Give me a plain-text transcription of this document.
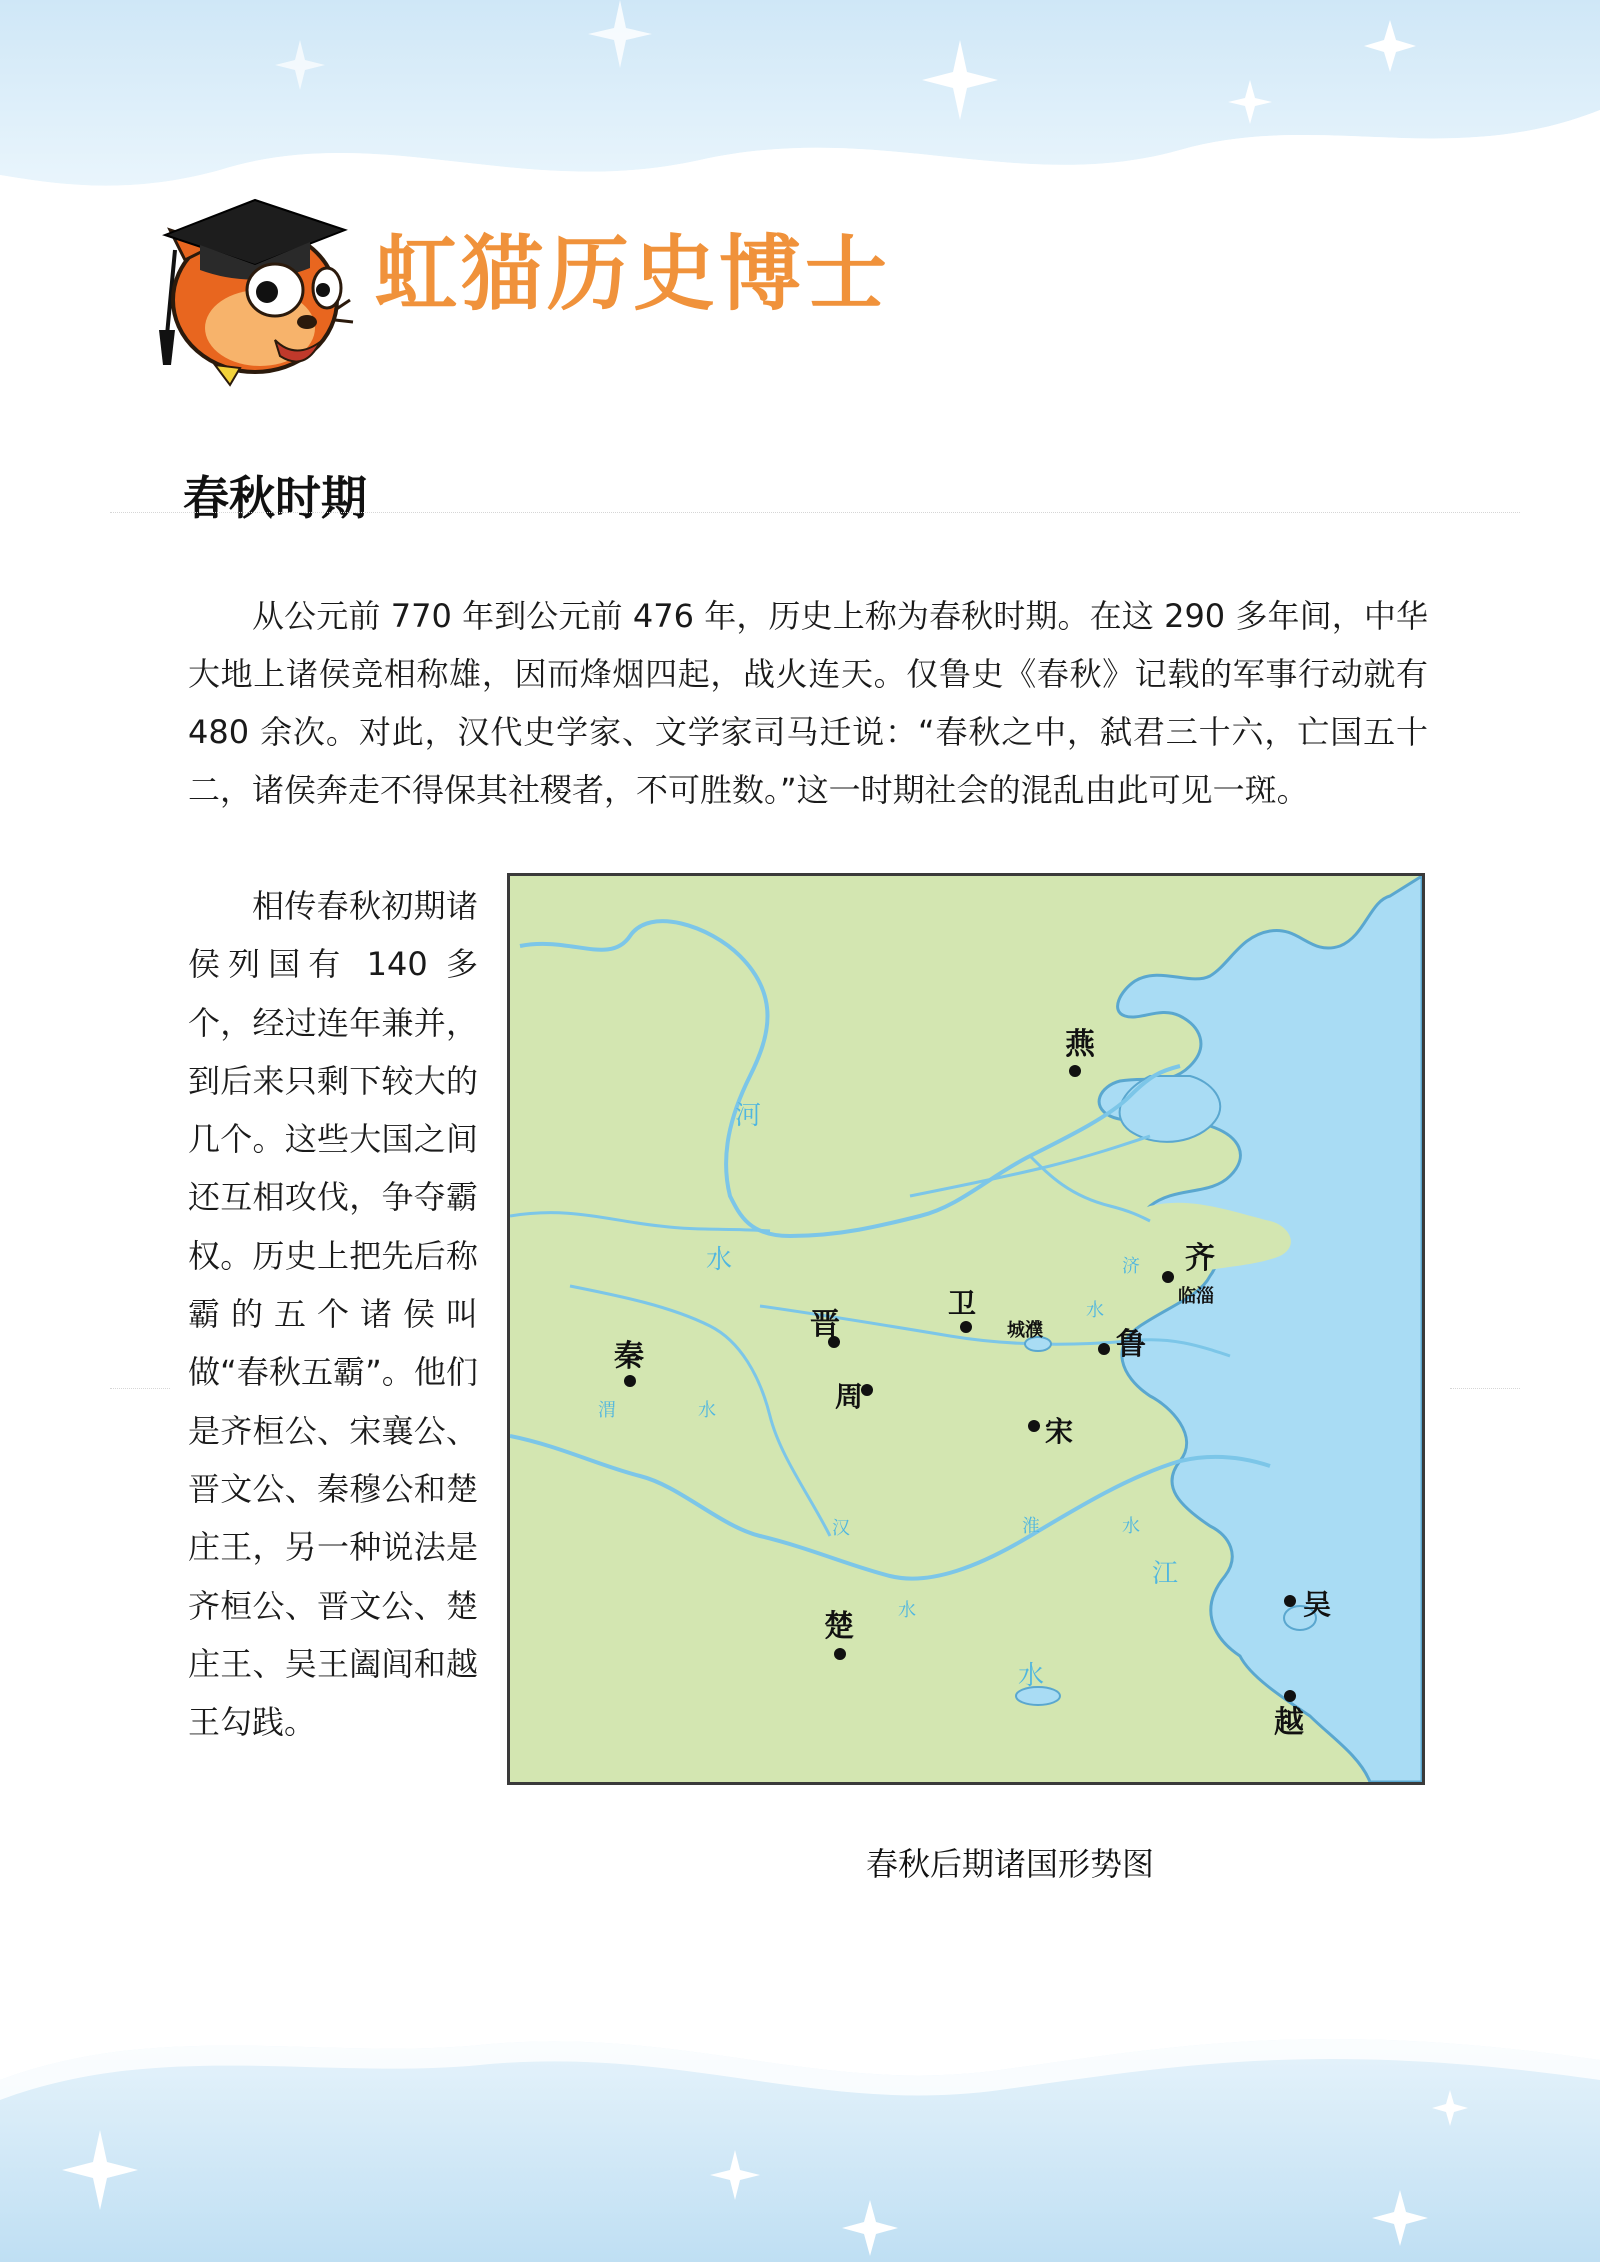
虹猫历史博士
春秋时期

从公元前 770 年到公元前 476 年，历史上称为春秋时期。在这 290 多年间，中华大地上诸侯竞相称雄，因而烽烟四起，战火连天。仅鲁史《春秋》记载的军事行动就有 480 余次。对此，汉代史学家、文学家司马迁说：“春秋之中，弑君三十六，亡国五十二，诸侯奔走不得保其社稷者，不可胜数。”这一时期社会的混乱由此可见一斑。

相传春秋初期诸侯列国有 140 多个，经过连年兼并，到后来只剩下较大的几个。这些大国之间还互相攻伐，争夺霸权。历史上把先后称霸的五个诸侯叫做“春秋五霸”。他们是齐桓公、宋襄公、晋文公、秦穆公和楚庄王，另一种说法是齐桓公、晋文公、楚庄王、吴王阖闾和越王勾践。

燕
齐
临淄
卫
城濮 鲁
晋
周
秦
宋
楚
吴
越
河
水	济
水
渭	水
汉
水
淮	水
江
水
春秋后期诸国形势图
